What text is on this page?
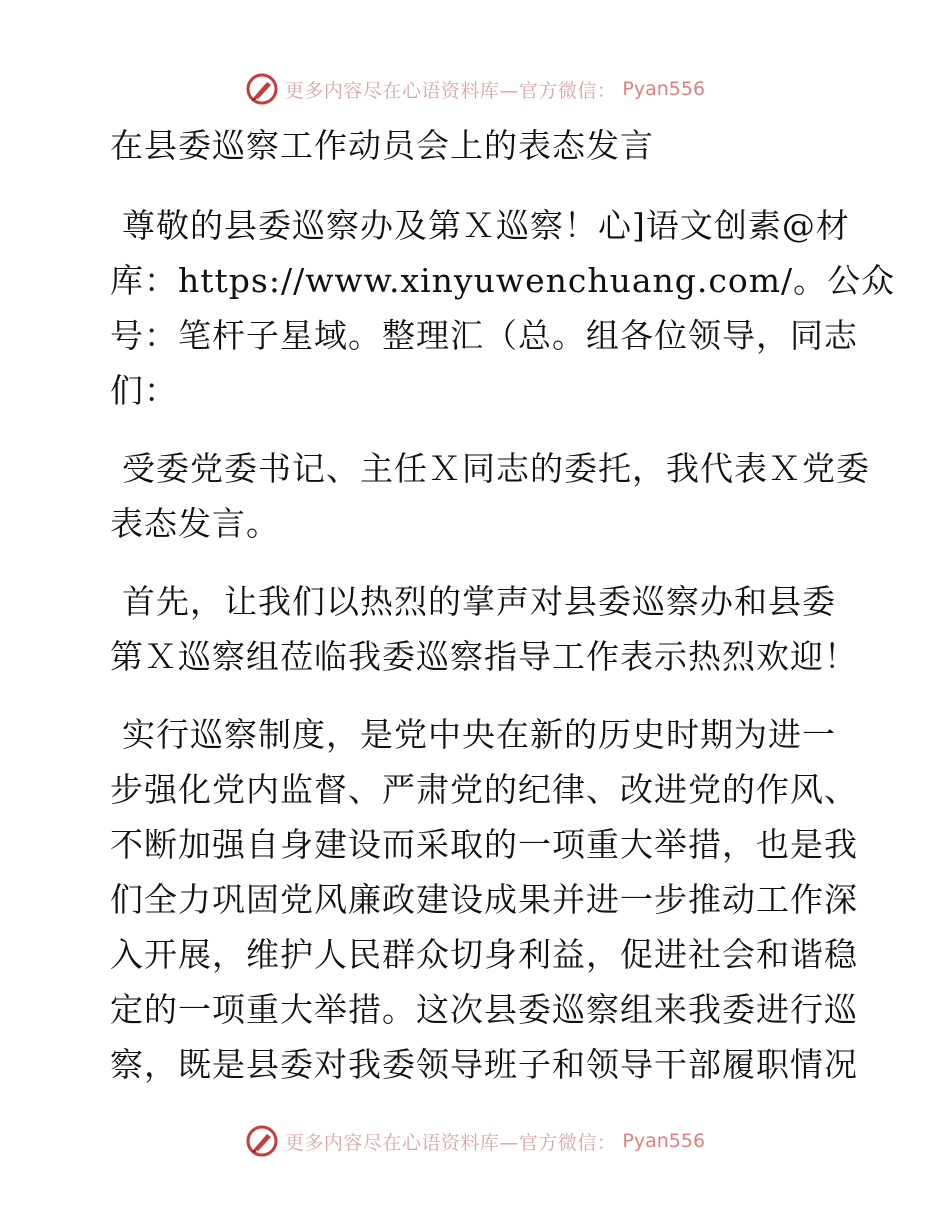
更多内容尽在心语资料库—官方微信： Pyan556
在县委巡察工作动员会上的表态发言
尊敬的县委巡察办及第Ｘ巡察！心]语文创素@材
库：https://www.xinyuwenchuang.com/。公众
号：笔杆子星域。整理汇（总。组各位领导，同志
们：
受委党委书记、主任Ｘ同志的委托，我代表Ｘ党委
表态发言。
首先，让我们以热烈的掌声对县委巡察办和县委
第Ｘ巡察组莅临我委巡察指导工作表示热烈欢迎！
实行巡察制度，是党中央在新的历史时期为进一
步强化党内监督、严肃党的纪律、改进党的作风、
不断加强自身建设而采取的一项重大举措，也是我
们全力巩固党风廉政建设成果并进一步推动工作深
入开展，维护人民群众切身利益，促进社会和谐稳
定的一项重大举措。这次县委巡察组来我委进行巡
察，既是县委对我委领导班子和领导干部履职情况
更多内容尽在心语资料库—官方微信： Pyan556
